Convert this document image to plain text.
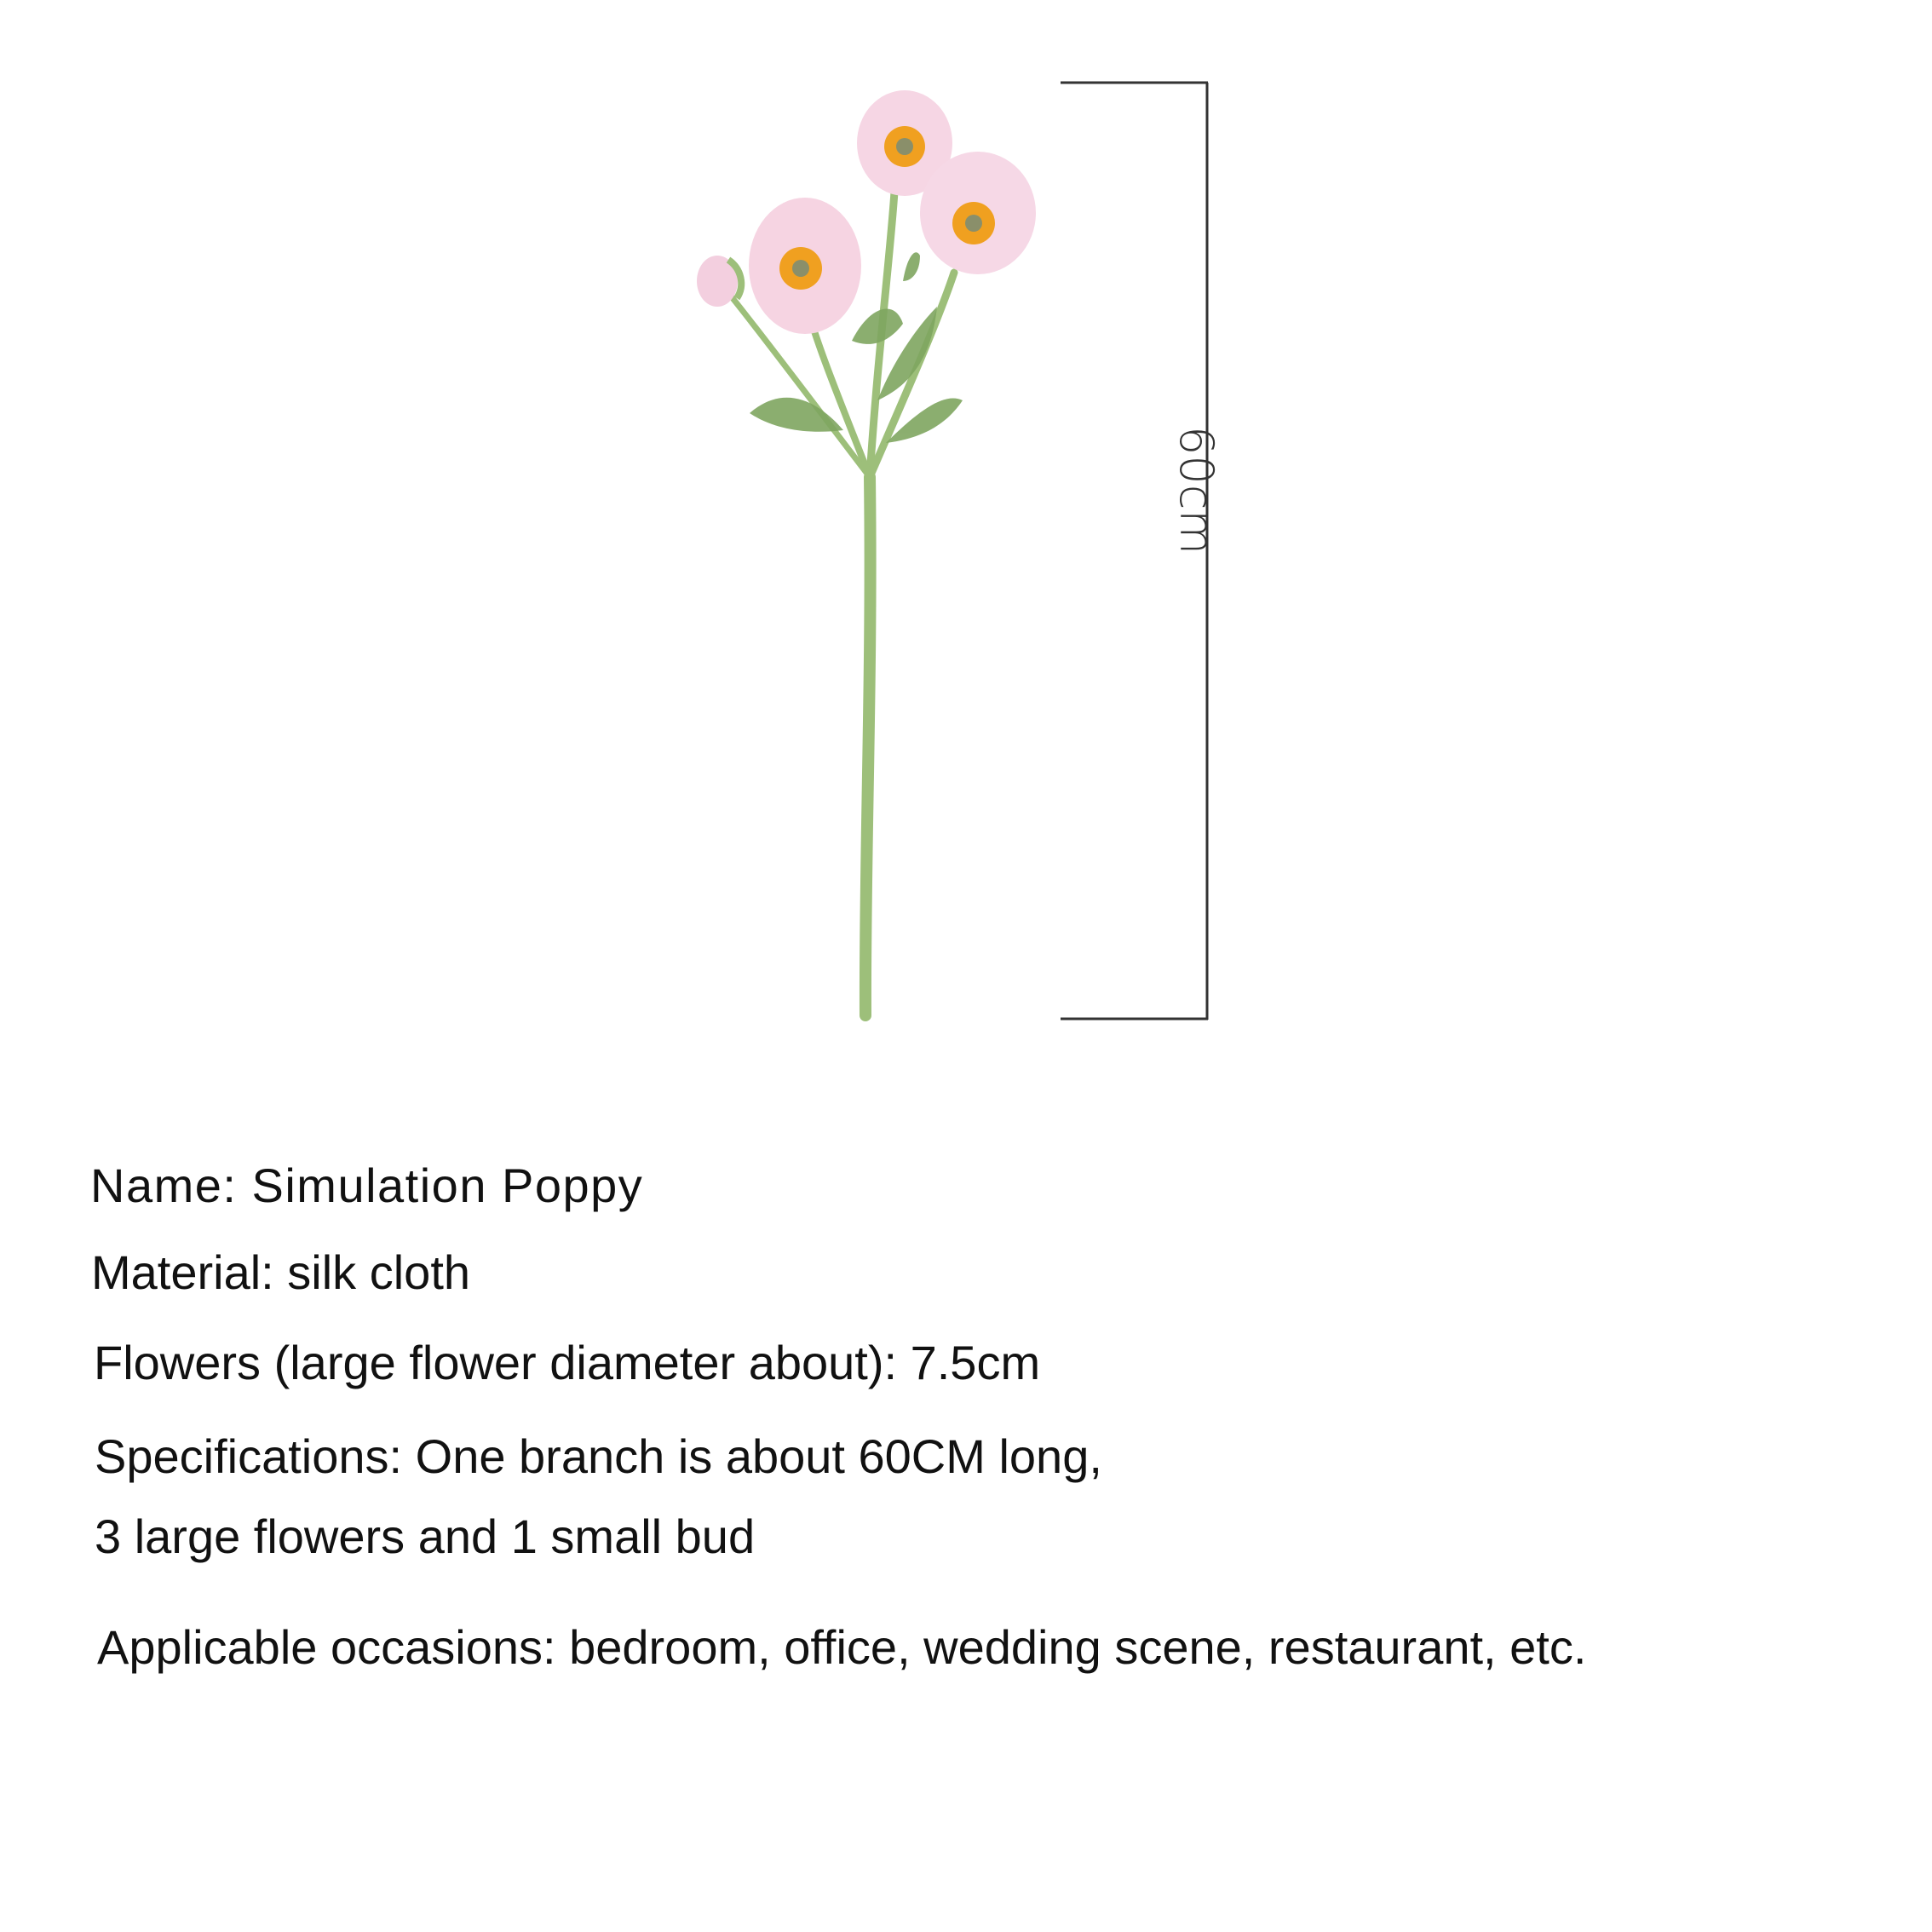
60cm
Name: Simulation Poppy
Material: silk cloth
Flowers (large flower diameter about): 7.5cm
Specifications: One branch is about 60CM long,
3 large flowers and 1 small bud
Applicable occasions: bedroom, office, wedding scene, restaurant, etc.
